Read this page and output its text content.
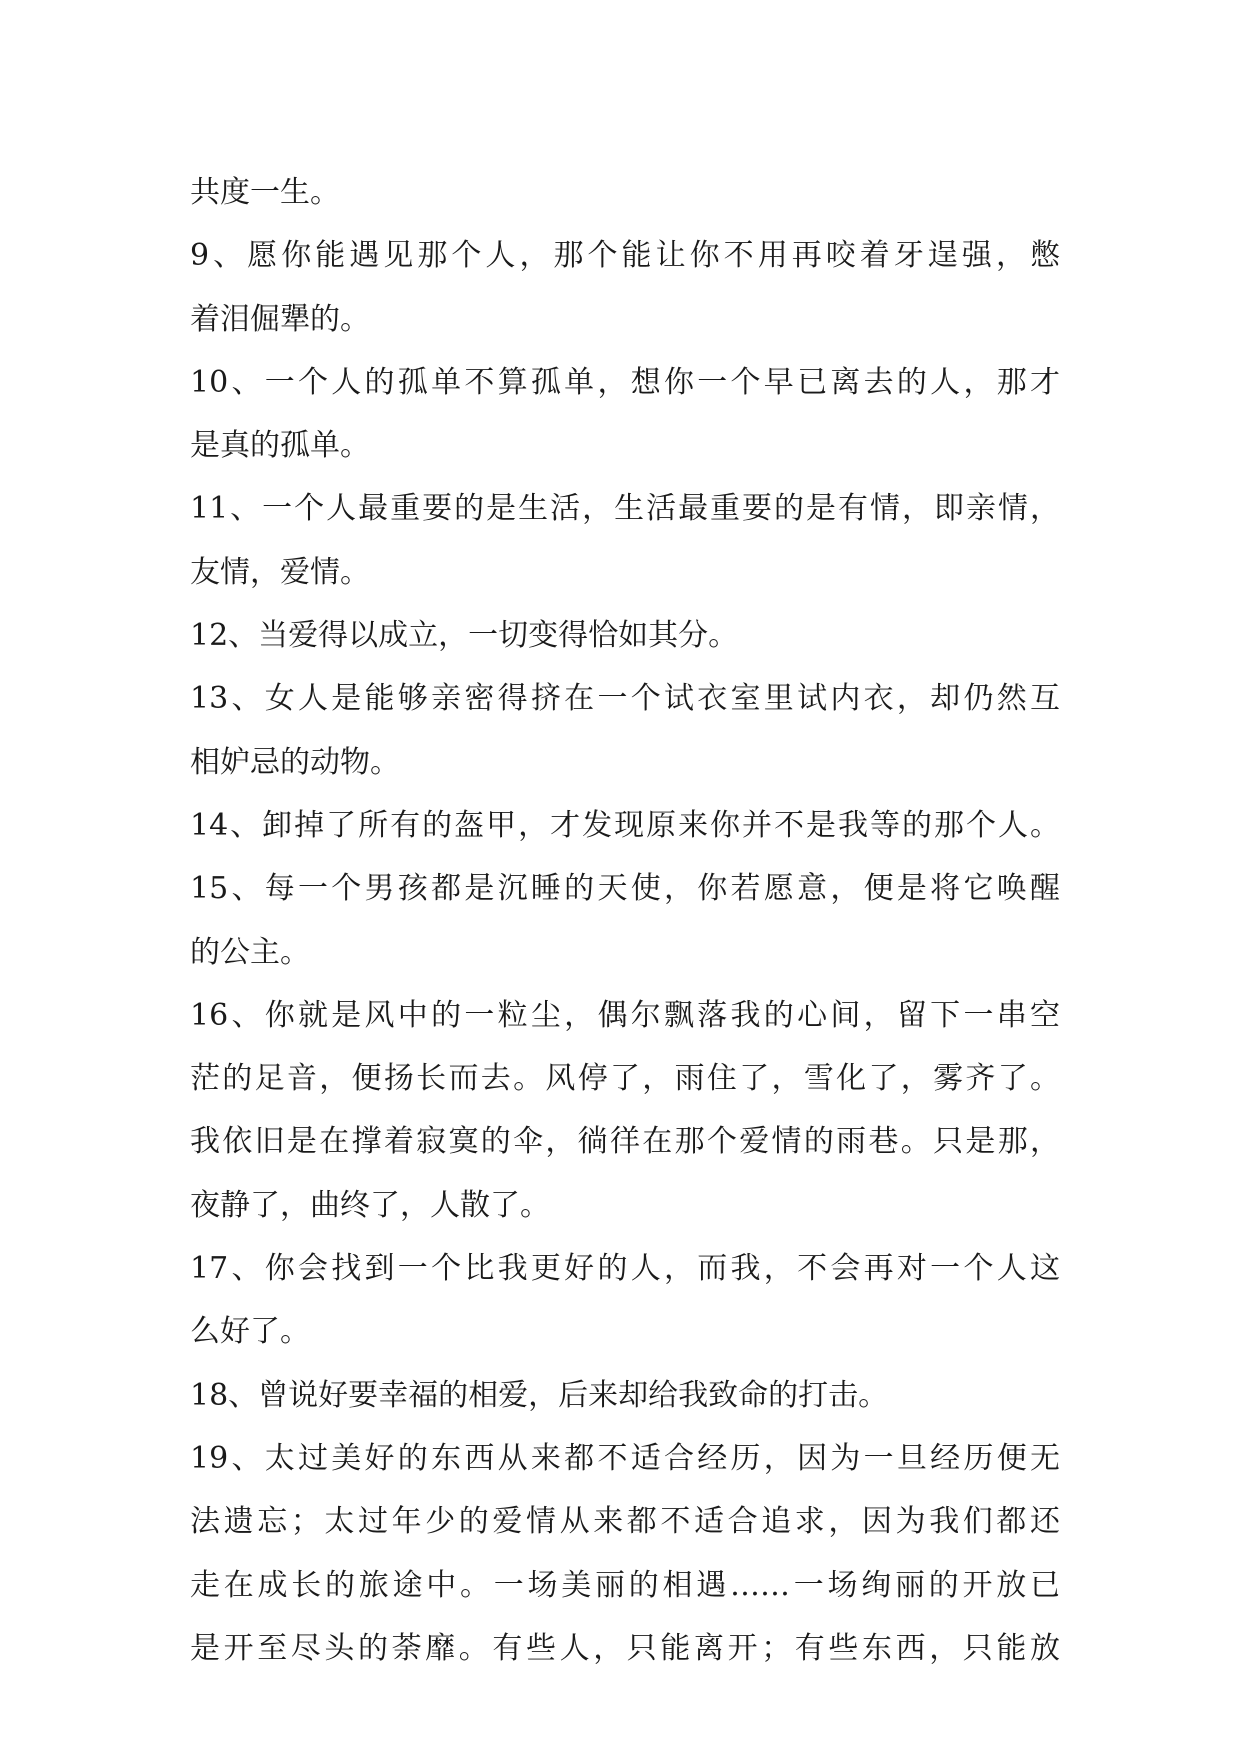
共度一生。
9、愿你能遇见那个人，那个能让你不用再咬着牙逞强，憋
着泪倔犟的。
10、一个人的孤单不算孤单，想你一个早已离去的人，那才
是真的孤单。
11、一个人最重要的是生活，生活最重要的是有情，即亲情，
友情，爱情。
12、当爱得以成立，一切变得恰如其分。
13、女人是能够亲密得挤在一个试衣室里试内衣，却仍然互
相妒忌的动物。
14、卸掉了所有的盔甲，才发现原来你并不是我等的那个人。
15、每一个男孩都是沉睡的天使，你若愿意，便是将它唤醒
的公主。
16、你就是风中的一粒尘，偶尔飘落我的心间，留下一串空
茫的足音，便扬长而去。风停了，雨住了，雪化了，雾齐了。
我依旧是在撑着寂寞的伞，徜徉在那个爱情的雨巷。只是那，
夜静了，曲终了，人散了。
17、你会找到一个比我更好的人，而我，不会再对一个人这
么好了。
18、曾说好要幸福的相爱，后来却给我致命的打击。
19、太过美好的东西从来都不适合经历，因为一旦经历便无
法遗忘；太过年少的爱情从来都不适合追求，因为我们都还
走在成长的旅途中。一场美丽的相遇……一场绚丽的开放已
是开至尽头的荼靡。有些人，只能离开；有些东西，只能放
